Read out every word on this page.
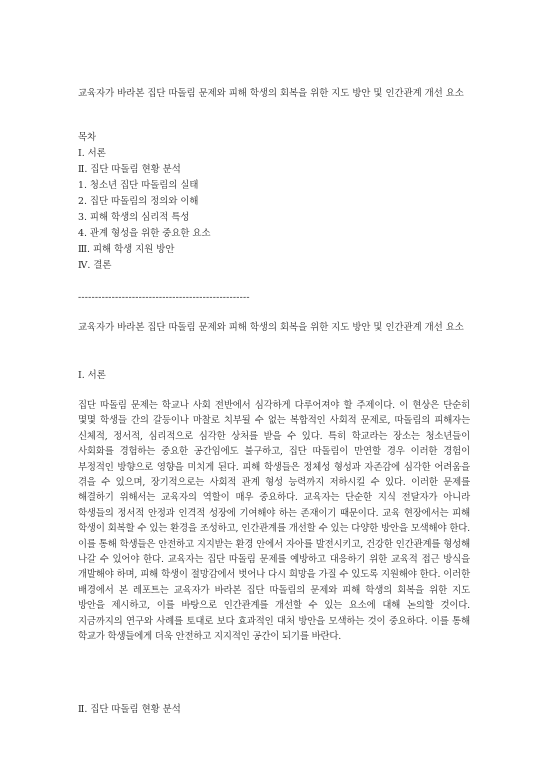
교육자가 바라본 집단 따돌림 문제와 피해 학생의 회복을 위한 지도 방안 및 인간관계 개선 요소

목차

Ⅰ. 서론
Ⅱ. 집단 따돌림 현황 분석
1. 청소년 집단 따돌림의 실태
2. 집단 따돌림의 정의와 이해
3. 피해 학생의 심리적 특성
4. 관계 형성을 위한 중요한 요소
Ⅲ. 피해 학생 지원 방안
Ⅳ. 결론

---------------------------------------------------

교육자가 바라본 집단 따돌림 문제와 피해 학생의 회복을 위한 지도 방안 및 인간관계 개선 요소

Ⅰ. 서론

집단 따돌림 문제는 학교나 사회 전반에서 심각하게 다루어져야 할 주제이다. 이 현상은 단순히 몇몇 학생들 간의 갈등이나 마찰로 치부될 수 없는 복합적인 사회적 문제로, 따돌림의 피해자는 신체적, 정서적, 심리적으로 심각한 상처를 받을 수 있다. 특히 학교라는 장소는 청소년들이 사회화를 경험하는 중요한 공간임에도 불구하고, 집단 따돌림이 만연할 경우 이러한 경험이 부정적인 방향으로 영향을 미치게 된다. 피해 학생들은 정체성 형성과 자존감에 심각한 어려움을 겪을 수 있으며, 장기적으로는 사회적 관계 형성 능력까지 저하시킬 수 있다. 이러한 문제를 해결하기 위해서는 교육자의 역할이 매우 중요하다. 교육자는 단순한 지식 전달자가 아니라 학생들의 정서적 안정과 인격적 성장에 기여해야 하는 존재이기 때문이다. 교육 현장에서는 피해 학생이 회복할 수 있는 환경을 조성하고, 인간관계를 개선할 수 있는 다양한 방안을 모색해야 한다. 이를 통해 학생들은 안전하고 지지받는 환경 안에서 자아를 발전시키고, 건강한 인간관계를 형성해 나갈 수 있어야 한다. 교육자는 집단 따돌림 문제를 예방하고 대응하기 위한 교육적 접근 방식을 개발해야 하며, 피해 학생이 절망감에서 벗어나 다시 희망을 가질 수 있도록 지원해야 한다. 이러한 배경에서 본 레포트는 교육자가 바라본 집단 따돌림의 문제와 피해 학생의 회복을 위한 지도 방안을 제시하고, 이를 바탕으로 인간관계를 개선할 수 있는 요소에 대해 논의할 것이다. 지금까지의 연구와 사례를 토대로 보다 효과적인 대처 방안을 모색하는 것이 중요하다. 이를 통해 학교가 학생들에게 더욱 안전하고 지지적인 공간이 되기를 바란다.

Ⅱ. 집단 따돌림 현황 분석
